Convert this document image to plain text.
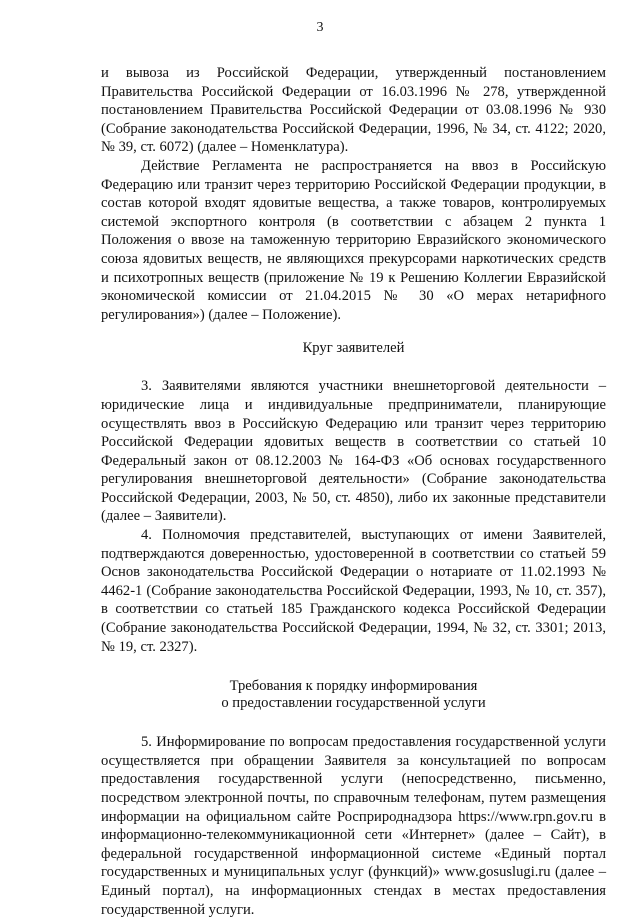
3

и вывоза из Российской Федерации, утвержденный постановлением Правительства Российской Федерации от 16.03.1996 № 278, утвержденной постановлением Правительства Российской Федерации от 03.08.1996 № 930 (Собрание законодательства Российской Федерации, 1996, № 34, ст. 4122; 2020, № 39, ст. 6072) (далее – Номенклатура).

Действие Регламента не распространяется на ввоз в Российскую Федерацию или транзит через территорию Российской Федерации продукции, в состав которой входят ядовитые вещества, а также товаров, контролируемых системой экспортного контроля (в соответствии с абзацем 2 пункта 1 Положения о ввозе на таможенную территорию Евразийского экономического союза ядовитых веществ, не являющихся прекурсорами наркотических средств и психотропных веществ (приложение № 19 к Решению Коллегии Евразийской экономической комиссии от 21.04.2015 № 30 «О мерах нетарифного регулирования») (далее – Положение).

Круг заявителей

3. Заявителями являются участники внешнеторговой деятельности – юридические лица и индивидуальные предприниматели, планирующие осуществлять ввоз в Российскую Федерацию или транзит через территорию Российской Федерации ядовитых веществ в соответствии со статьей 10 Федеральный закон от 08.12.2003 № 164-ФЗ «Об основах государственного регулирования внешнеторговой деятельности» (Собрание законодательства Российской Федерации, 2003, № 50, ст. 4850), либо их законные представители (далее – Заявители).

4. Полномочия представителей, выступающих от имени Заявителей, подтверждаются доверенностью, удостоверенной в соответствии со статьей 59 Основ законодательства Российской Федерации о нотариате от 11.02.1993 № 4462-1 (Собрание законодательства Российской Федерации, 1993, № 10, ст. 357), в соответствии со статьей 185 Гражданского кодекса Российской Федерации (Собрание законодательства Российской Федерации, 1994, № 32, ст. 3301; 2013, № 19, ст. 2327).

Требования к порядку информирования
о предоставлении государственной услуги

5. Информирование по вопросам предоставления государственной услуги осуществляется при обращении Заявителя за консультацией по вопросам предоставления государственной услуги (непосредственно, письменно, посредством электронной почты, по справочным телефонам, путем размещения информации на официальном сайте Росприроднадзора https://www.rpn.gov.ru в информационно-телекоммуникационной сети «Интернет» (далее – Сайт), в федеральной государственной информационной системе «Единый портал государственных и муниципальных услуг (функций)» www.gosuslugi.ru (далее – Единый портал), на информационных стендах в местах предоставления государственной услуги.
